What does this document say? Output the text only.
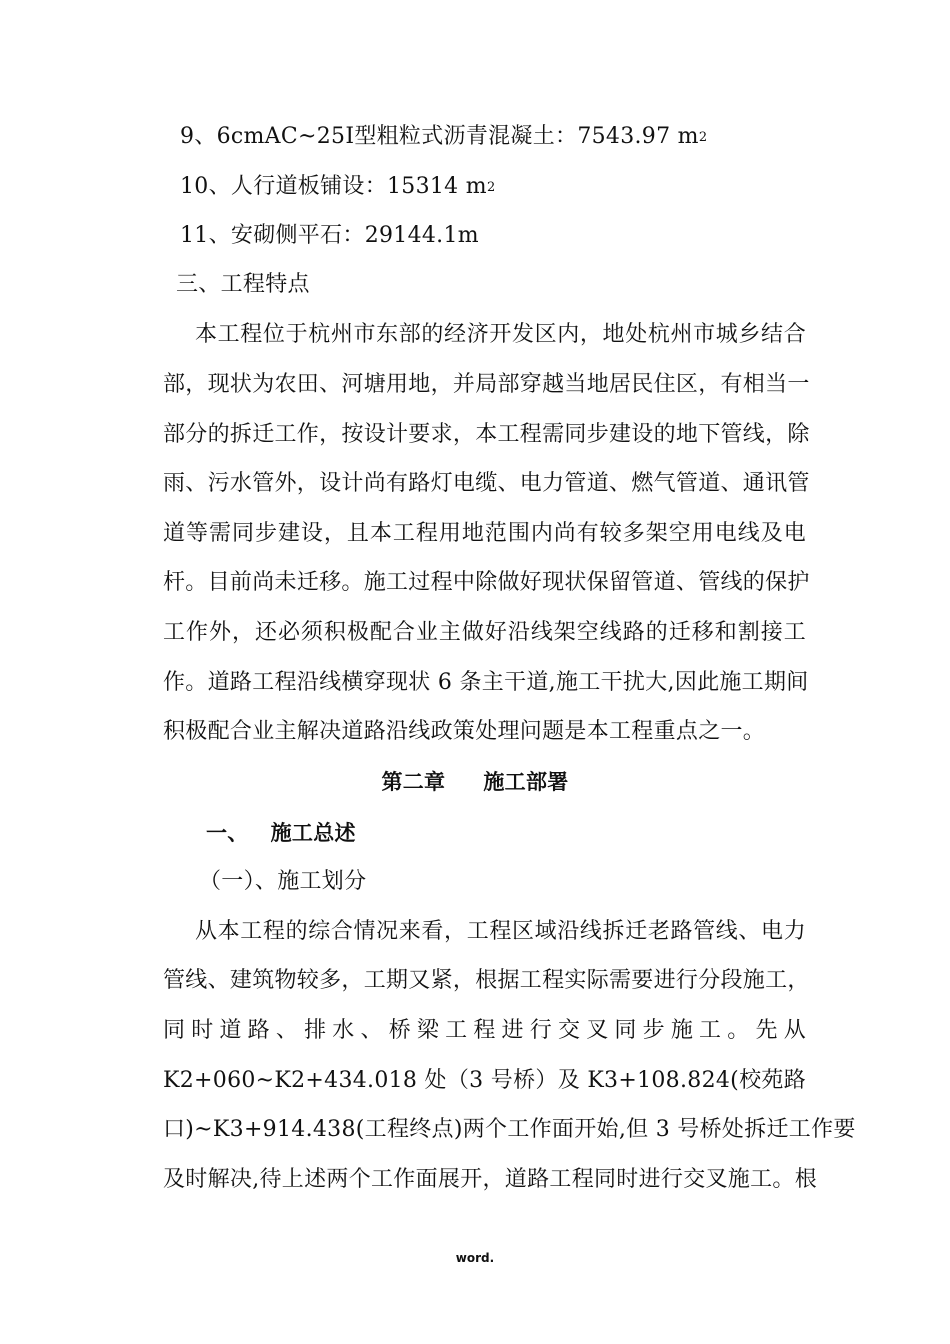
9、6cmAC~25Ⅰ型粗粒式沥青混凝土：7543.97 $m^2$
10、人行道板铺设：15314 $m^2$
11、安砌侧平石：29144.1m
三、工程特点
本工程位于杭州市东部的经济开发区内，地处杭州市城乡结合
部，现状为农田、河塘用地，并局部穿越当地居民住区，有相当一
部分的拆迁工作，按设计要求，本工程需同步建设的地下管线，除
雨、污水管外，设计尚有路灯电缆、电力管道、燃气管道、通讯管
道等需同步建设，且本工程用地范围内尚有较多架空用电线及电
杆。目前尚未迁移。施工过程中除做好现状保留管道、管线的保护
工作外，还必须积极配合业主做好沿线架空线路的迁移和割接工
作。道路工程沿线横穿现状 6 条主干道,施工干扰大,因此施工期间
积极配合业主解决道路沿线政策处理问题是本工程重点之一。
第二章 施工部署
一、 施工总述
（一）、施工划分
从本工程的综合情况来看，工程区域沿线拆迁老路管线、电力
管线、建筑物较多，工期又紧，根据工程实际需要进行分段施工，
同时道路、排水、桥梁工程进行交叉同步施工。先从
K2+060~K2+434.018 处（3 号桥）及 K3+108.824(校苑路
口)~K3+914.438(工程终点)两个工作面开始,但 3 号桥处拆迁工作要
及时解决,待上述两个工作面展开，道路工程同时进行交叉施工。根
word.
